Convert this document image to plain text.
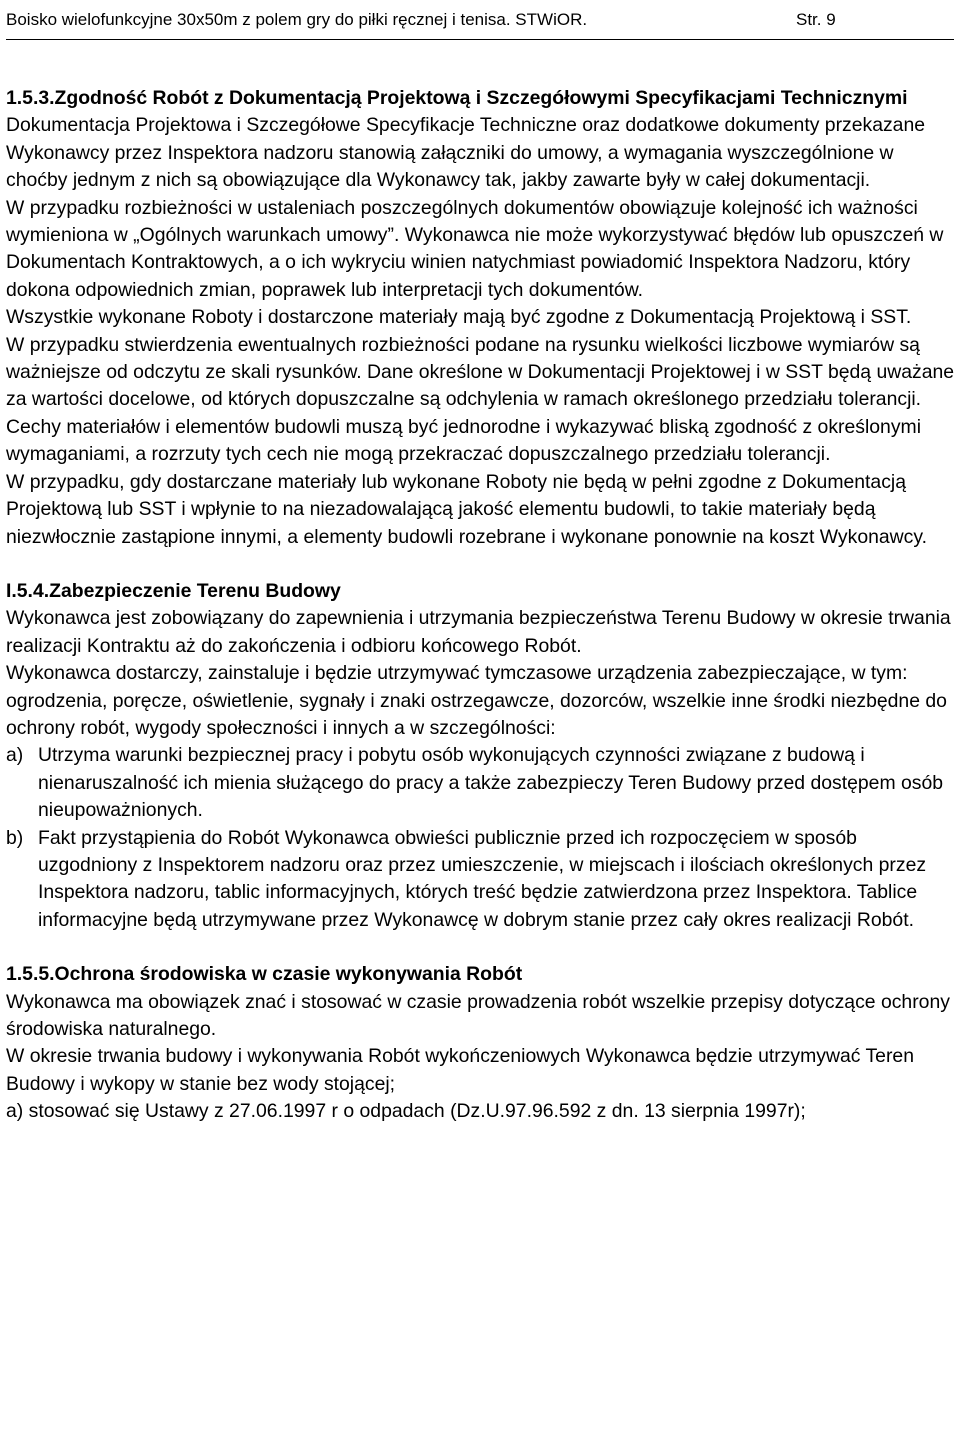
Boisko wielofunkcyjne 30x50m z polem gry do piłki ręcznej i tenisa. STWiOR.	Str. 9

1.5.3.Zgodność Robót z Dokumentacją Projektową i Szczegółowymi Specyfikacjami Technicznymi

Dokumentacja Projektowa i Szczegółowe Specyfikacje Techniczne oraz dodatkowe dokumenty przekazane Wykonawcy przez Inspektora nadzoru stanowią załączniki do umowy, a wymagania wyszczególnione w choćby jednym z nich są obowiązujące dla Wykonawcy tak, jakby zawarte były w całej dokumentacji.

W przypadku rozbieżności w ustaleniach poszczególnych dokumentów obowiązuje kolejność ich ważności wymieniona w „Ogólnych warunkach umowy”. Wykonawca nie może wykorzystywać błędów lub opuszczeń w Dokumentach Kontraktowych, a o ich wykryciu winien natychmiast powiadomić Inspektora Nadzoru, który dokona odpowiednich zmian, poprawek lub interpretacji tych dokumentów.

Wszystkie wykonane Roboty i dostarczone materiały mają być zgodne z Dokumentacją Projektową i SST.

W przypadku stwierdzenia ewentualnych rozbieżności podane na rysunku wielkości liczbowe wymiarów są ważniejsze od odczytu ze skali rysunków. Dane określone w Dokumentacji Projektowej i w SST będą uważane za wartości docelowe, od których dopuszczalne są odchylenia w ramach określonego przedziału tolerancji. Cechy materiałów i elementów budowli muszą być jednorodne i wykazywać bliską zgodność z określonymi wymaganiami, a rozrzuty tych cech nie mogą przekraczać dopuszczalnego przedziału tolerancji.

W przypadku, gdy dostarczane materiały lub wykonane Roboty nie będą w pełni zgodne z Dokumentacją Projektową lub SST i wpłynie to na niezadowalającą jakość elementu budowli, to takie materiały będą niezwłocznie zastąpione innymi, a elementy budowli rozebrane i wykonane ponownie na koszt Wykonawcy.

I.5.4.Zabezpieczenie Terenu Budowy

Wykonawca jest zobowiązany do zapewnienia i utrzymania bezpieczeństwa Terenu Budowy w okresie trwania realizacji Kontraktu aż do zakończenia i odbioru końcowego Robót.

Wykonawca dostarczy, zainstaluje i będzie utrzymywać tymczasowe urządzenia zabezpieczające, w tym: ogrodzenia, poręcze, oświetlenie, sygnały i znaki ostrzegawcze, dozorców, wszelkie inne środki niezbędne do ochrony robót, wygody społeczności i innych a w szczególności:

a) Utrzyma warunki bezpiecznej pracy i pobytu osób wykonujących czynności związane z budową i nienaruszalność ich mienia służącego do pracy a także zabezpieczy Teren Budowy przed dostępem osób nieupoważnionych.
b) Fakt przystąpienia do Robót Wykonawca obwieści publicznie przed ich rozpoczęciem w sposób uzgodniony z Inspektorem nadzoru oraz przez umieszczenie, w miejscach i ilościach określonych przez Inspektora nadzoru, tablic informacyjnych, których treść będzie zatwierdzona przez Inspektora. Tablice informacyjne będą utrzymywane przez Wykonawcę w dobrym stanie przez cały okres realizacji Robót.

1.5.5.Ochrona środowiska w czasie wykonywania Robót

Wykonawca ma obowiązek znać i stosować w czasie prowadzenia robót wszelkie przepisy dotyczące ochrony środowiska naturalnego.

W okresie trwania budowy i wykonywania Robót wykończeniowych Wykonawca będzie utrzymywać Teren Budowy i wykopy w stanie bez wody stojącej;

a) stosować się Ustawy z 27.06.1997 r o odpadach (Dz.U.97.96.592 z dn. 13 sierpnia 1997r);
